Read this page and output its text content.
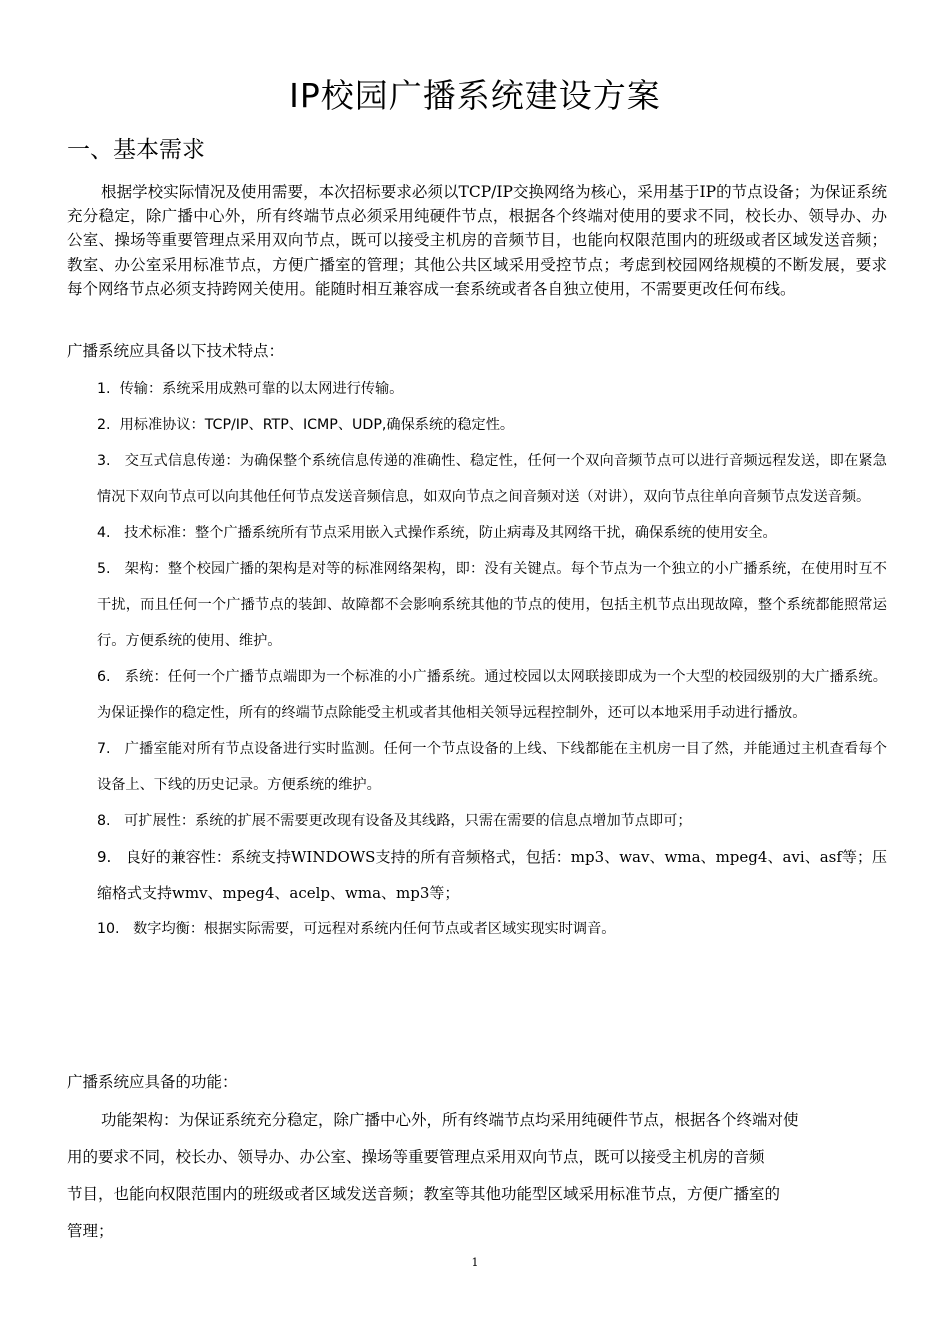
IP校园广播系统建设方案
一、基本需求
根据学校实际情况及使用需要，本次招标要求必须以TCP/IP交换网络为核心，采用基于IP的节点设备；为保证系统充分稳定，除广播中心外，所有终端节点必须采用纯硬件节点，根据各个终端对使用的要求不同，校长办、领导办、办公室、操场等重要管理点采用双向节点，既可以接受主机房的音频节目，也能向权限范围内的班级或者区域发送音频；教室、办公室采用标准节点，方便广播室的管理；其他公共区域采用受控节点；考虑到校园网络规模的不断发展，要求每个网络节点必须支持跨网关使用。能随时相互兼容成一套系统或者各自独立使用，不需要更改任何布线。
广播系统应具备以下技术特点：
1. 传输：系统采用成熟可靠的以太网进行传输。
2. 用标准协议：TCP/IP、RTP、ICMP、UDP,确保系统的稳定性。
3. 交互式信息传递：为确保整个系统信息传递的准确性、稳定性，任何一个双向音频节点可以进行音频远程发送，即在紧急情况下双向节点可以向其他任何节点发送音频信息，如双向节点之间音频对送（对讲），双向节点往单向音频节点发送音频。
4. 技术标准：整个广播系统所有节点采用嵌入式操作系统，防止病毒及其网络干扰，确保系统的使用安全。
5. 架构：整个校园广播的架构是对等的标准网络架构，即：没有关键点。每个节点为一个独立的小广播系统，在使用时互不干扰，而且任何一个广播节点的装卸、故障都不会影响系统其他的节点的使用，包括主机节点出现故障，整个系统都能照常运行。方便系统的使用、维护。
6. 系统：任何一个广播节点端即为一个标准的小广播系统。通过校园以太网联接即成为一个大型的校园级别的大广播系统。为保证操作的稳定性，所有的终端节点除能受主机或者其他相关领导远程控制外，还可以本地采用手动进行播放。
7. 广播室能对所有节点设备进行实时监测。任何一个节点设备的上线、下线都能在主机房一目了然，并能通过主机查看每个设备上、下线的历史记录。方便系统的维护。
8. 可扩展性：系统的扩展不需要更改现有设备及其线路，只需在需要的信息点增加节点即可；
9. 良好的兼容性：系统支持WINDOWS支持的所有音频格式，包括：mp3、wav、wma、mpeg4、avi、asf等；压缩格式支持wmv、mpeg4、acelp、wma、mp3等；
10. 数字均衡：根据实际需要，可远程对系统内任何节点或者区域实现实时调音。
广播系统应具备的功能：
功能架构：为保证系统充分稳定，除广播中心外，所有终端节点均采用纯硬件节点，根据各个终端对使
用的要求不同，校长办、领导办、办公室、操场等重要管理点采用双向节点，既可以接受主机房的音频
节目，也能向权限范围内的班级或者区域发送音频；教室等其他功能型区域采用标准节点，方便广播室的
管理；
1
